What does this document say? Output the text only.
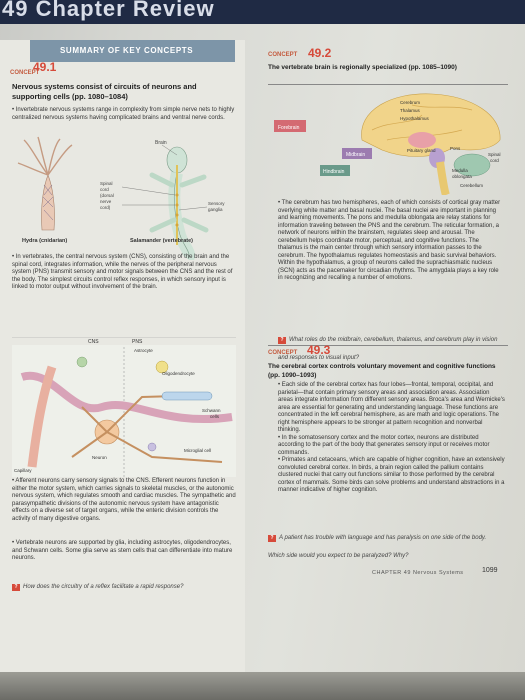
49 Chapter Review
SUMMARY OF KEY CONCEPTS
CONCEPT
49.1
Nervous systems consist of circuits of neurons and supporting cells (pp. 1080–1084)
• Invertebrate nervous systems range in complexity from simple nerve nets to highly centralized nervous systems having complicated brains and ventral nerve cords.
Brain
Spinal
cord
(dorsal
nerve
cord)
Sensory
ganglia
Hydra (cnidarian)	Salamander (vertebrate)
• In vertebrates, the central nervous system (CNS), consisting of the brain and the spinal cord, integrates information, while the nerves of the peripheral nervous system (PNS) transmit sensory and motor signals between the CNS and the rest of the body. The simplest circuits control reflex responses, in which sensory input is linked to motor output without involvement of the brain.
CNS	PNS
Astrocyte
Oligodendrocyte
Schwann
cells
Capillary
Neuron
Microglial cell
• Afferent neurons carry sensory signals to the CNS. Efferent neurons function in either the motor system, which carries signals to skeletal muscles, or the autonomic nervous system, which regulates smooth and cardiac muscles. The sympathetic and parasympathetic divisions of the autonomic nervous system have antagonistic effects on a diverse set of target organs, while the enteric division controls the activity of many digestive organs.
• Vertebrate neurons are supported by glia, including astrocytes, oligodendrocytes, and Schwann cells. Some glia serve as stem cells that can differentiate into mature neurons.
? How does the circuitry of a reflex facilitate a rapid response?
CONCEPT 49.2
The vertebrate brain is regionally specialized (pp. 1085–1090)
Forebrain
Midbrain
Hindbrain
Cerebrum
Thalamus
Hypothalamus
Pituitary gland	Pons
Medulla
oblongata
Cerebellum
Spinal
cord
• The cerebrum has two hemispheres, each of which consists of cortical gray matter overlying white matter and basal nuclei. The basal nuclei are important in planning and learning movements. The pons and medulla oblongata are relay stations for information traveling between the PNS and the cerebrum. The reticular formation, a network of neurons within the brainstem, regulates sleep and arousal. The cerebellum helps coordinate motor, perceptual, and cognitive functions. The thalamus is the main center through which sensory information passes to the cerebrum. The hypothalamus regulates homeostasis and basic survival behaviors. Within the hypothalamus, a group of neurons called the suprachiasmatic nucleus (SCN) acts as the pacemaker for circadian rhythms. The amygdala plays a key role in recognizing and recalling a number of emotions.
? What roles do the midbrain, cerebellum, thalamus, and cerebrum play in vision and responses to visual input?
CONCEPT 49.3
The cerebral cortex controls voluntary movement and cognitive functions (pp. 1090–1093)
• Each side of the cerebral cortex has four lobes—frontal, temporal, occipital, and parietal—that contain primary sensory areas and association areas. Association areas integrate information from different sensory areas. Broca's area and Wernicke's area are essential for generating and understanding language. These functions are concentrated in the left cerebral hemisphere, as are math and logic operations. The right hemisphere appears to be stronger at pattern recognition and nonverbal thinking.
• In the somatosensory cortex and the motor cortex, neurons are distributed according to the part of the body that generates sensory input or receives motor commands.
• Primates and cetaceans, which are capable of higher cognition, have an extensively convoluted cerebral cortex. In birds, a brain region called the pallium contains clustered nuclei that carry out functions similar to those performed by the cerebral cortex of mammals. Some birds can solve problems and understand abstractions in a manner indicative of higher cognition.
? A patient has trouble with language and has paralysis on one side of the body. Which side would you expect to be paralyzed? Why?
CHAPTER 49 Nervous Systems	1099
